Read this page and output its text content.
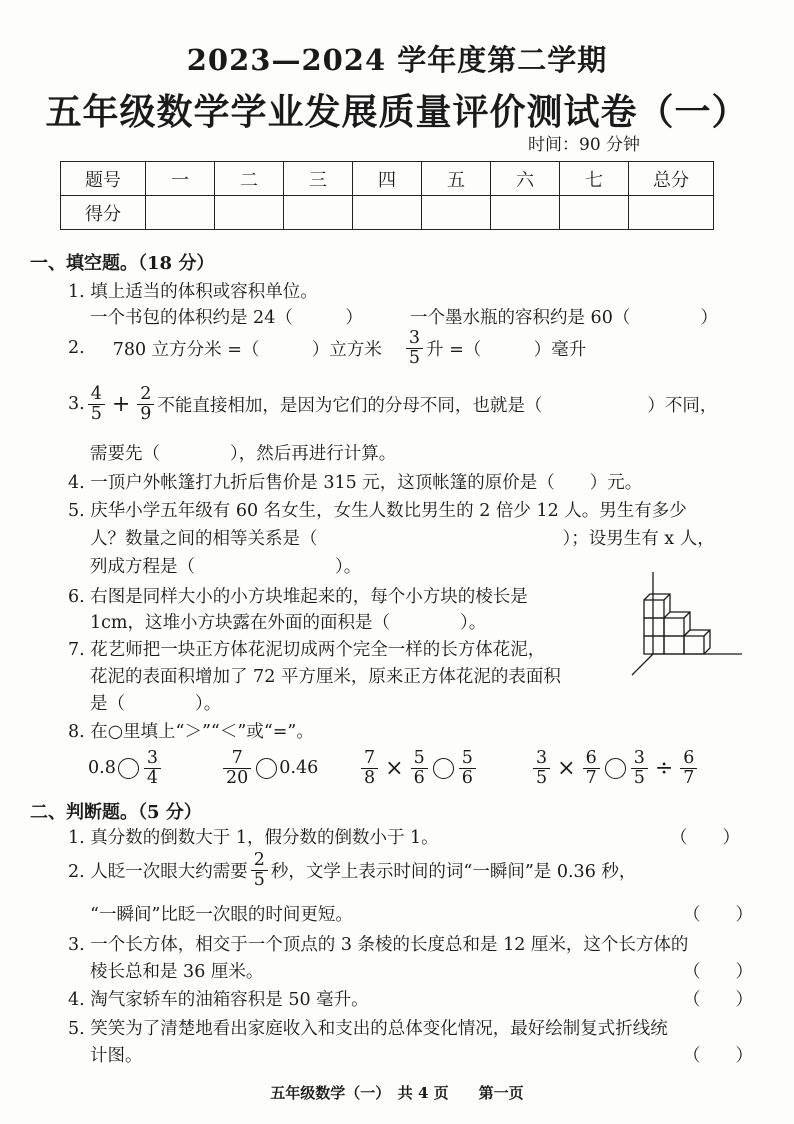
2023—2024 学年度第二学期
五年级数学学业发展质量评价测试卷（一）
时间：90 分钟
题号	一	二	三	四	五	六	七	总分
得分								
一、填空题。（18 分）
1. 填上适当的体积或容积单位。
一个书包的体积约是 24（　　　）	一个墨水瓶的容积约是 60（　　　　）
2. 780 立方分米 =（　　　）立方米 $\frac{3}{5}$ 升 =（　　　）毫升
3. $\frac{4}{5} + \frac{2}{9}$ 不能直接相加，是因为它们的分母不同，也就是（　　　　　　）不同，
需要先（　　　　），然后再进行计算。
4. 一顶户外帐篷打九折后售价是 315 元，这顶帐篷的原价是（　　）元。
5. 庆华小学五年级有 60 名女生，女生人数比男生的 2 倍少 12 人。男生有多少
人？数量之间的相等关系是（　　　　　　　　　　　　　　）；设男生有 x 人，
列成方程是（　　　　　　　　）。
6. 右图是同样大小的小方块堆起来的，每个小方块的棱长是
1cm，这堆小方块露在外面的面积是（　　　　）。
7. 花艺师把一块正方体花泥切成两个完全一样的长方体花泥，
花泥的表面积增加了 72 平方厘米，原来正方体花泥的表面积
是（　　　　）。
8. 在○里填上“＞”“＜”或“=”。
$0.8 \frac{3}{4}$	$\frac{7}{20} 0.46 \frac{7}{8} \times \frac{5}{6} \frac{5}{6}$	$\frac{3}{5} \times \frac{6}{7} \frac{3}{5} \div \frac{6}{7}$
二、判断题。（5 分）
1. 真分数的倒数大于 1，假分数的倒数小于 1。	（　　）
2. 人眨一次眼大约需要 $\frac{2}{5}$ 秒，文学上表示时间的词“一瞬间”是 0.36 秒，
“一瞬间”比眨一次眼的时间更短。	（　　）
3. 一个长方体，相交于一个顶点的 3 条棱的长度总和是 12 厘米，这个长方体的
棱长总和是 36 厘米。	（　　）
4. 淘气家轿车的油箱容积是 50 毫升。	（　　）
5. 笑笑为了清楚地看出家庭收入和支出的总体变化情况，最好绘制复式折线统
计图。	（　　）
五年级数学（一）　共 4 页　　第一页
